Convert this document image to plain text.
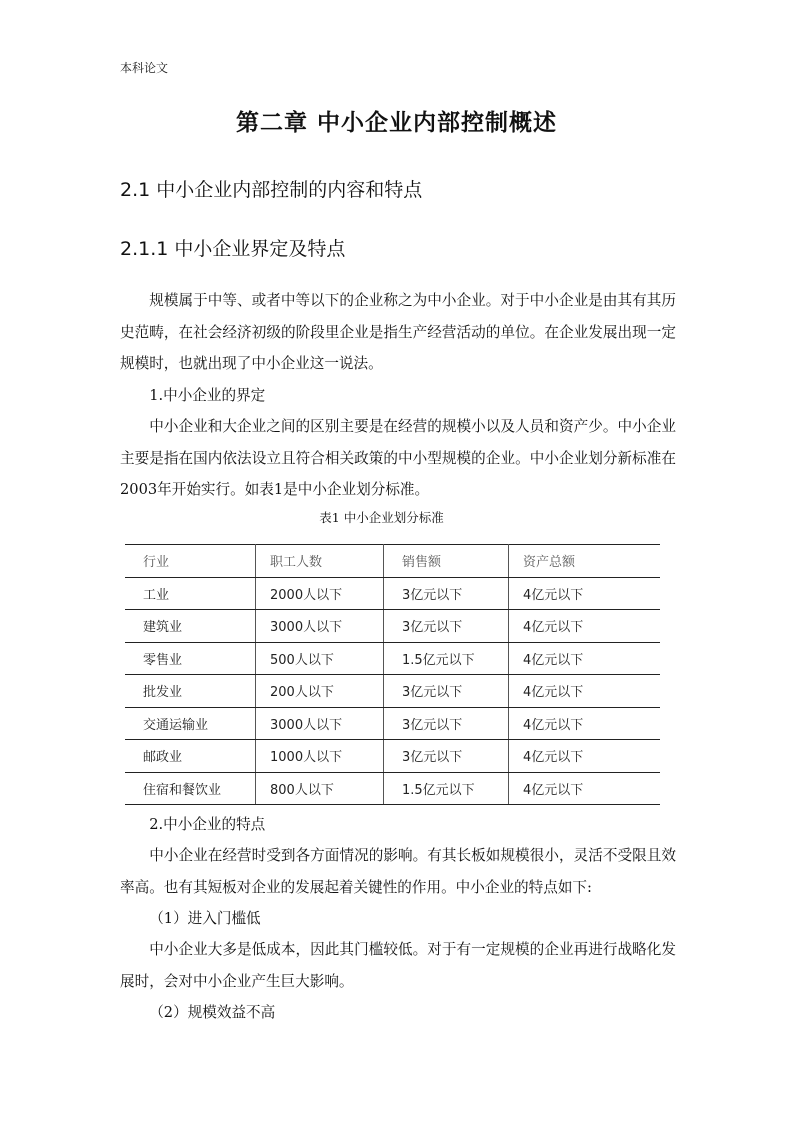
本科论文
第二章 中小企业内部控制概述
2.1 中小企业内部控制的内容和特点
2.1.1 中小企业界定及特点

规模属于中等、或者中等以下的企业称之为中小企业。对于中小企业是由其有其历史范畴，在社会经济初级的阶段里企业是指生产经营活动的单位。在企业发展出现一定规模时，也就出现了中小企业这一说法。

1.中小企业的界定

中小企业和大企业之间的区别主要是在经营的规模小以及人员和资产少。中小企业主要是指在国内依法设立且符合相关政策的中小型规模的企业。中小企业划分新标准在2003年开始实行。如表1是中小企业划分标准。

表1 中小企业划分标准
行业	职工人数	销售额	资产总额
工业	2000人以下	3亿元以下	4亿元以下
建筑业	3000人以下	3亿元以下	4亿元以下
零售业	500人以下	1.5亿元以下	4亿元以下
批发业	200人以下	3亿元以下	4亿元以下
交通运输业	3000人以下	3亿元以下	4亿元以下
邮政业	1000人以下	3亿元以下	4亿元以下
住宿和餐饮业	800人以下	1.5亿元以下	4亿元以下

2.中小企业的特点

中小企业在经营时受到各方面情况的影响。有其长板如规模很小，灵活不受限且效率高。也有其短板对企业的发展起着关键性的作用。中小企业的特点如下:

（1）进入门槛低

中小企业大多是低成本，因此其门槛较低。对于有一定规模的企业再进行战略化发展时，会对中小企业产生巨大影响。

（2）规模效益不高
